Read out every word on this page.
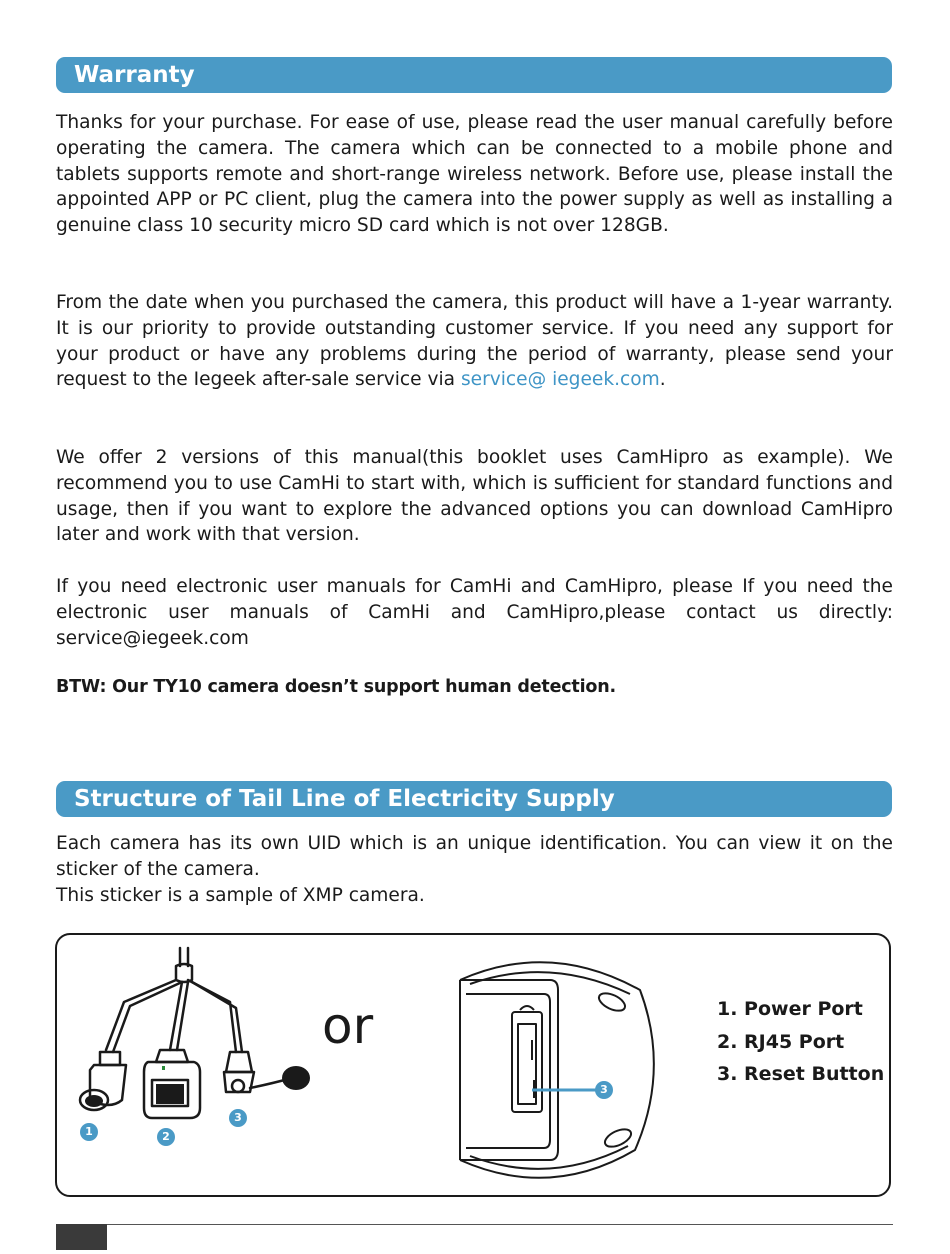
Warranty

Thanks for your purchase. For ease of use, please read the user manual carefully before operating the camera. The camera which can be connected to a mobile phone and tablets supports remote and short-range wireless network. Before use, please install the appointed APP or PC client, plug the camera into the power supply as well as installing a genuine class 10 security micro SD card which is not over 128GB.

From the date when you purchased the camera, this product will have a 1-year warranty. It is our priority to provide outstanding customer service. If you need any support for your product or have any problems during the period of warranty, please send your request to the Iegeek after-sale service via service@ iegeek.com.

We offer 2 versions of this manual(this booklet uses CamHipro as example). We recommend you to use CamHi to start with, which is sufficient for standard functions and usage, then if you want to explore the advanced options you can download CamHipro later and work with that version.

If you need electronic user manuals for CamHi and CamHipro, please If you need the electronic user manuals of CamHi and CamHipro,please contact us directly: service@iegeek.com

BTW: Our TY10 camera doesn’t support human detection.

Structure of Tail Line of Electricity Supply

Each camera has its own UID which is an unique identification. You can view it on the sticker of the camera.

This sticker is a sample of XMP camera.

1	2
3
or
3
1. Power Port
2. RJ45 Port
3. Reset Button
